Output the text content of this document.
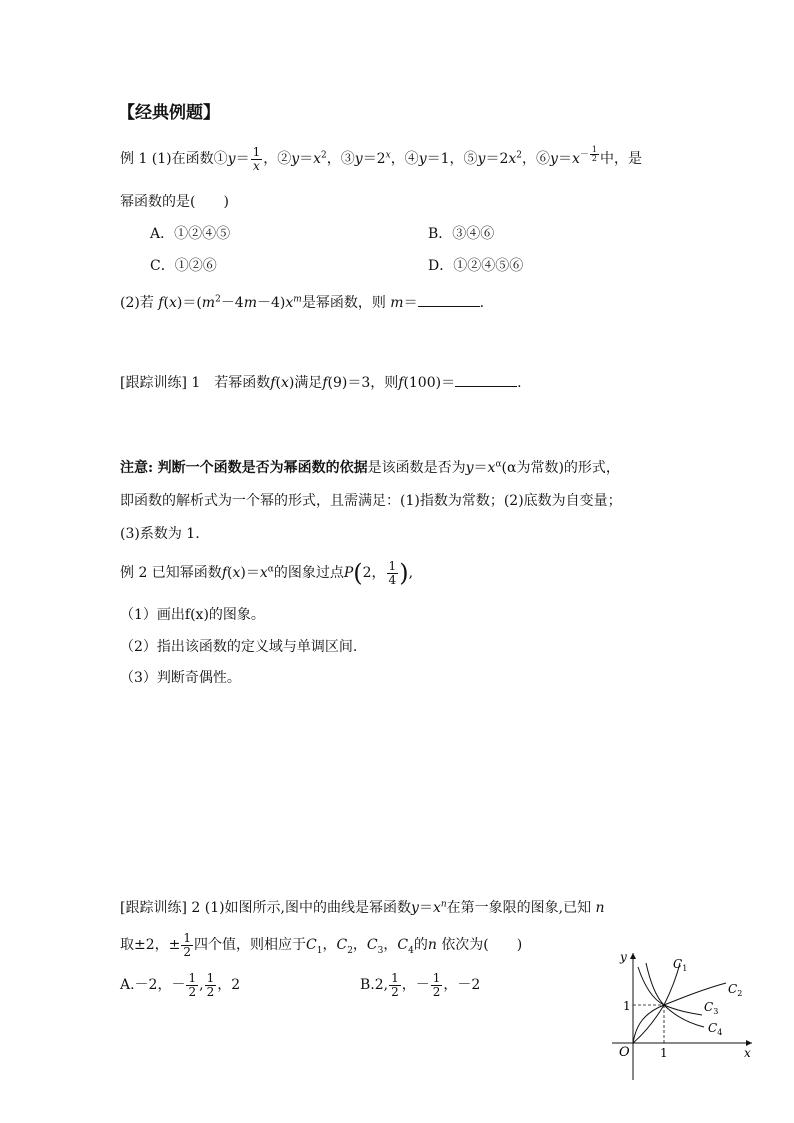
【经典例题】
例 1 (1)在函数①y＝ $\frac{1}{x}$ ，$②y=x^2$，$③y=2^x$，④y＝1，$⑤y=2x^2$，$⑥y=x^{- \frac{1}{2}}$ 中，是
幂函数的是(　　)
A．①②④⑤	B．③④⑥
C．①②⑥	D．①②④⑤⑥
(2)若 $f(x)=(m^2-4m-4)x^m$是幂函数，则 m＝	.
[跟踪训练] 1　若幂函数f(x)满足f(9)＝3，则f(100)＝	.
注意: 判断一个函数是否为幂函数的依据是该函数是否为$y=x^\alpha(\alpha$为常数)的形式，
即函数的解析式为一个幂的形式，且需满足：(1)指数为常数；(2)底数为自变量；
(3)系数为 1.
例 2 已知幂函数$f(x)=x^\alpha$的图象过点P(2， $\frac{1}{4}$ ),
（1）画出f(x)的图象。
（2）指出该函数的定义域与单调区间.
（3）判断奇偶性。
[跟踪训练] 2 (1)如图所示,图中的曲线是幂函数$y=x^n$在第一象限的图象,已知 n
取±2，± $\frac{1}{2}$ 四个值，则相应于$C_1$，$C_2$，$C_3$，$C_4$的n 依次为(　　)
A.－2，－ $\frac{1}{2}$ , $\frac{1}{2}$ ，2	B.2, $\frac{1}{2}$ ，－ $\frac{1}{2}$ ，－2
y
x
O	1
1
$C_1$
$C_2$
$C_3$
$C_4$
